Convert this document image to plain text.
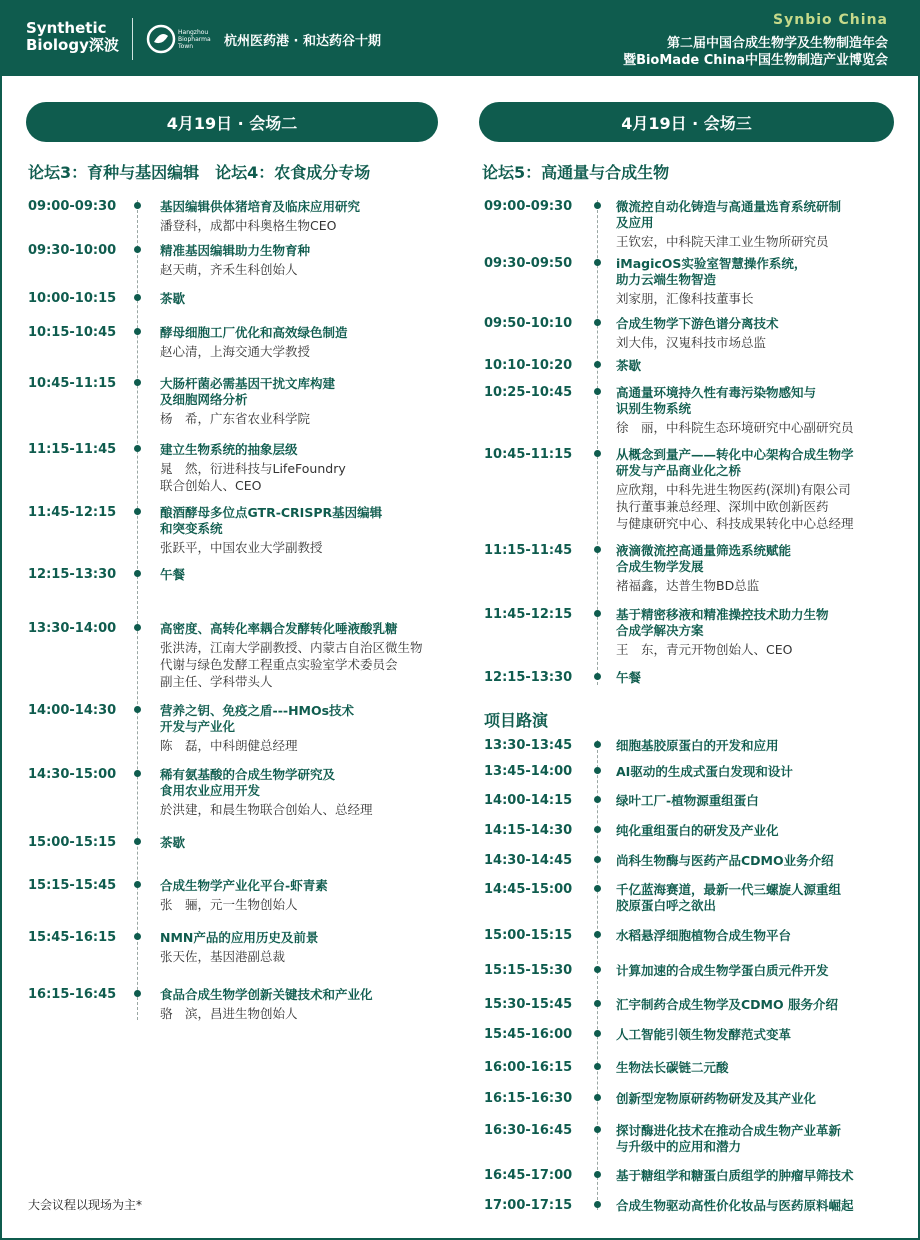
Synthetic
Biology深波
Hangzhou
Biopharma Town	杭州医药港 · 和达药谷十期
Synbio China
第二届中国合成生物学及生物制造年会
暨BioMade China中国生物制造产业博览会
4月19日 · 会场二	4月19日 · 会场三
论坛3：育种与基因编辑　论坛4：农食成分专场	论坛5：高通量与合成生物
项目路演
09:00-09:30	基因编辑供体猪培育及临床应用研究
潘登科，成都中科奥格生物CEO
09:30-10:00	精准基因编辑助力生物育种
赵天萌，齐禾生科创始人
10:00-10:15	茶歇
10:15-10:45	酵母细胞工厂优化和高效绿色制造
赵心清，上海交通大学教授
10:45-11:15	大肠杆菌必需基因干扰文库构建
及细胞网络分析
杨　希，广东省农业科学院
11:15-11:45	建立生物系统的抽象层级
晁　然，衍进科技与LifeFoundry
联合创始人、CEO
11:45-12:15	酿酒酵母多位点GTR-CRISPR基因编辑
和突变系统
张跃平，中国农业大学副教授
12:15-13:30	午餐
13:30-14:00	高密度、高转化率耦合发酵转化唾液酸乳糖
张洪涛，江南大学副教授、内蒙古自治区微生物
代谢与绿色发酵工程重点实验室学术委员会
副主任、学科带头人
14:00-14:30	营养之钥、免疫之盾---HMOs技术
开发与产业化
陈　磊，中科朗健总经理
14:30-15:00	稀有氨基酸的合成生物学研究及
食用农业应用开发
於洪建，和晨生物联合创始人、总经理
15:00-15:15	茶歇
15:15-15:45	合成生物学产业化平台-虾青素
张　骊，元一生物创始人
15:45-16:15	NMN产品的应用历史及前景
张天佐，基因港副总裁
16:15-16:45	食品合成生物学创新关键技术和产业化
骆　滨，昌进生物创始人
09:00-09:30	微流控自动化铸造与高通量选育系统研制
及应用
王钦宏，中科院天津工业生物所研究员
09:30-09:50	iMagicOS实验室智慧操作系统，
助力云端生物智造
刘家朋，汇像科技董事长
09:50-10:10	合成生物学下游色谱分离技术
刘大伟，汉嵬科技市场总监
10:10-10:20	茶歇
10:25-10:45	高通量环境持久性有毒污染物感知与
识别生物系统
徐　丽，中科院生态环境研究中心副研究员
10:45-11:15	从概念到量产——转化中心架构合成生物学
研发与产品商业化之桥
应欣翔，中科先进生物医药(深圳)有限公司
执行董事兼总经理、深圳中欧创新医药
与健康研究中心、科技成果转化中心总经理
11:15-11:45	液滴微流控高通量筛选系统赋能
合成生物学发展
褚福鑫，达普生物BD总监
11:45-12:15	基于精密移液和精准操控技术助力生物
合成学解决方案
王　东，青元开物创始人、CEO
12:15-13:30	午餐
13:30-13:45	细胞基胶原蛋白的开发和应用
13:45-14:00	AI驱动的生成式蛋白发现和设计
14:00-14:15	绿叶工厂-植物源重组蛋白
14:15-14:30	纯化重组蛋白的研发及产业化
14:30-14:45	尚科生物酶与医药产品CDMO业务介绍
14:45-15:00	千亿蓝海赛道，最新一代三螺旋人源重组
胶原蛋白呼之欲出
15:00-15:15	水稻悬浮细胞植物合成生物平台
15:15-15:30	计算加速的合成生物学蛋白质元件开发
15:30-15:45	汇宇制药合成生物学及CDMO 服务介绍
15:45-16:00	人工智能引领生物发酵范式变革
16:00-16:15	生物法长碳链二元酸
16:15-16:30	创新型宠物原研药物研发及其产业化
16:30-16:45	探讨酶进化技术在推动合成生物产业革新
与升级中的应用和潜力
16:45-17:00	基于糖组学和糖蛋白质组学的肿瘤早筛技术
17:00-17:15	合成生物驱动高性价化妆品与医药原料崛起
大会议程以现场为主*
